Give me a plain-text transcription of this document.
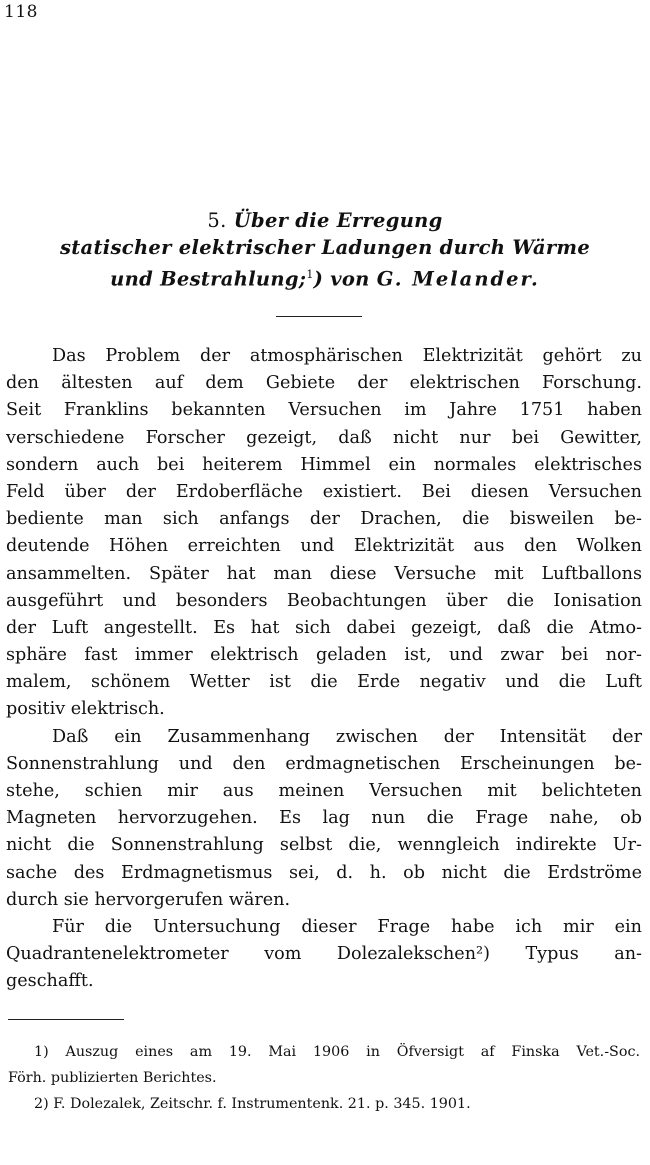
118
5. Über die Erregung
statischer elektrischer Ladungen durch Wärme
und Bestrahlung;$^1$) von G. Melander.
Das Problem der atmosphärischen Elektrizität gehört zu
den ältesten auf dem Gebiete der elektrischen Forschung.
Seit Franklins bekannten Versuchen im Jahre 1751 haben
verschiedene Forscher gezeigt, daß nicht nur bei Gewitter,
sondern auch bei heiterem Himmel ein normales elektrisches
Feld über der Erdoberfläche existiert. Bei diesen Versuchen
bediente man sich anfangs der Drachen, die bisweilen be-
deutende Höhen erreichten und Elektrizität aus den Wolken
ansammelten. Später hat man diese Versuche mit Luftballons
ausgeführt und besonders Beobachtungen über die Ionisation
der Luft angestellt. Es hat sich dabei gezeigt, daß die Atmo-
sphäre fast immer elektrisch geladen ist, und zwar bei nor-
malem, schönem Wetter ist die Erde negativ und die Luft
positiv elektrisch.
Daß ein Zusammenhang zwischen der Intensität der
Sonnenstrahlung und den erdmagnetischen Erscheinungen be-
stehe, schien mir aus meinen Versuchen mit belichteten
Magneten hervorzugehen. Es lag nun die Frage nahe, ob
nicht die Sonnenstrahlung selbst die, wenngleich indirekte Ur-
sache des Erdmagnetismus sei, d. h. ob nicht die Erdströme
durch sie hervorgerufen wären.
Für die Untersuchung dieser Frage habe ich mir ein
Quadrantenelektrometer vom Dolezalekschen²) Typus an-
geschafft.
1) Auszug eines am 19. Mai 1906 in Öfversigt af Finska Vet.-Soc.
Förh. publizierten Berichtes.
2) F. Dolezalek, Zeitschr. f. Instrumentenk. 21. p. 345. 1901.
